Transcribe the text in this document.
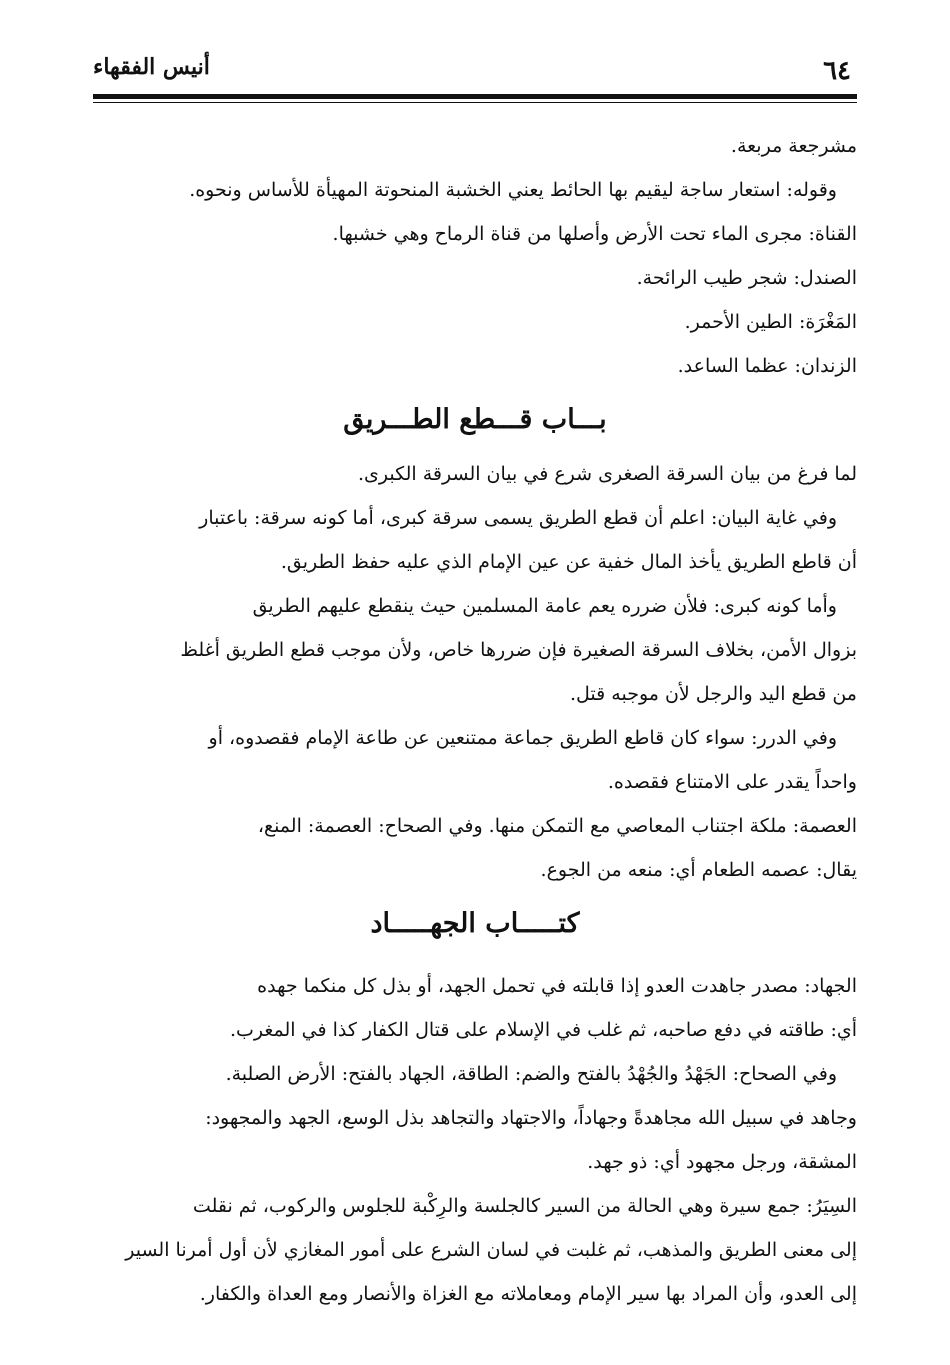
أنيس الفقهاء	٦٤
مشرجعة مربعة.
وقوله: استعار ساجة ليقيم بها الحائط يعني الخشبة المنحوتة المهيأة للأساس ونحوه.
القناة: مجرى الماء تحت الأرض وأصلها من قناة الرماح وهي خشبها.
الصندل: شجر طيب الرائحة.
المَغْرَة: الطين الأحمر.
الزندان: عظما الساعد.
بـــاب قـــطع الطـــريق
لما فرغ من بيان السرقة الصغرى شرع في بيان السرقة الكبرى.
وفي غاية البيان: اعلم أن قطع الطريق يسمى سرقة كبرى، أما كونه سرقة: باعتبار
أن قاطع الطريق يأخذ المال خفية عن عين الإمام الذي عليه حفظ الطريق.
وأما كونه كبرى: فلأن ضرره يعم عامة المسلمين حيث ينقطع عليهم الطريق
بزوال الأمن، بخلاف السرقة الصغيرة فإن ضررها خاص، ولأن موجب قطع الطريق أغلظ
من قطع اليد والرجل لأن موجبه قتل.
وفي الدرر: سواء كان قاطع الطريق جماعة ممتنعين عن طاعة الإمام فقصدوه، أو
واحداً يقدر على الامتناع فقصده.
العصمة: ملكة اجتناب المعاصي مع التمكن منها. وفي الصحاح: العصمة: المنع،
يقال: عصمه الطعام أي: منعه من الجوع.
كتـــــاب الجهـــــاد
الجهاد: مصدر جاهدت العدو إذا قابلته في تحمل الجهد، أو بذل كل منكما جهده
أي: طاقته في دفع صاحبه، ثم غلب في الإسلام على قتال الكفار كذا في المغرب.
وفي الصحاح: الجَهْدُ والجُهْدُ بالفتح والضم: الطاقة، الجهاد بالفتح: الأرض الصلبة.
وجاهد في سبيل الله مجاهدةً وجهاداً، والاجتهاد والتجاهد بذل الوسع، الجهد والمجهود:
المشقة، ورجل مجهود أي: ذو جهد.
السِيَرُ: جمع سيرة وهي الحالة من السير كالجلسة والرِكْبة للجلوس والركوب، ثم نقلت
إلى معنى الطريق والمذهب، ثم غلبت في لسان الشرع على أمور المغازي لأن أول أمرنا السير
إلى العدو، وأن المراد بها سير الإمام ومعاملاته مع الغزاة والأنصار ومع العداة والكفار.
